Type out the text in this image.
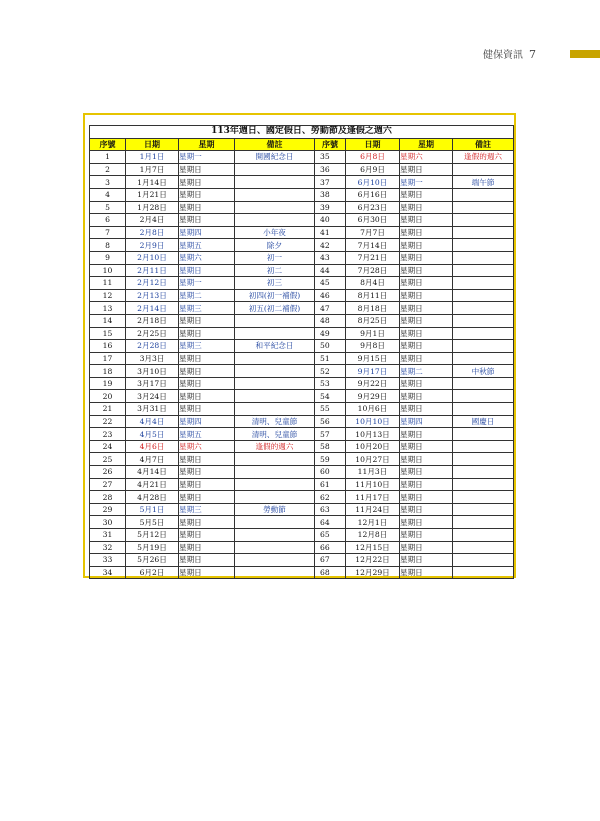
健保資訊 7
113年週日、國定假日、勞動節及逢假之週六							
序號	日期	星期	備註	序號	日期	星期	備註
1	1月1日	星期一	開國紀念日	35	6月8日	星期六	逢假的週六
2	1月7日	星期日		36	6月9日	星期日	
3	1月14日	星期日		37	6月10日	星期一	端午節
4	1月21日	星期日		38	6月16日	星期日	
5	1月28日	星期日		39	6月23日	星期日	
6	2月4日	星期日		40	6月30日	星期日	
7	2月8日	星期四	小年夜	41	7月7日	星期日	
8	2月9日	星期五	除夕	42	7月14日	星期日	
9	2月10日	星期六	初一	43	7月21日	星期日	
10	2月11日	星期日	初二	44	7月28日	星期日	
11	2月12日	星期一	初三	45	8月4日	星期日	
12	2月13日	星期二	初四(初一補假)	46	8月11日	星期日	
13	2月14日	星期三	初五(初二補假)	47	8月18日	星期日	
14	2月18日	星期日		48	8月25日	星期日	
15	2月25日	星期日		49	9月1日	星期日	
16	2月28日	星期三	和平紀念日	50	9月8日	星期日	
17	3月3日	星期日		51	9月15日	星期日	
18	3月10日	星期日		52	9月17日	星期二	中秋節
19	3月17日	星期日		53	9月22日	星期日	
20	3月24日	星期日		54	9月29日	星期日	
21	3月31日	星期日		55	10月6日	星期日	
22	4月4日	星期四	清明、兒童節	56	10月10日	星期四	國慶日
23	4月5日	星期五	清明、兒童節	57	10月13日	星期日	
24	4月6日	星期六	逢假的週六	58	10月20日	星期日	
25	4月7日	星期日		59	10月27日	星期日	
26	4月14日	星期日		60	11月3日	星期日	
27	4月21日	星期日		61	11月10日	星期日	
28	4月28日	星期日		62	11月17日	星期日	
29	5月1日	星期三	勞動節	63	11月24日	星期日	
30	5月5日	星期日		64	12月1日	星期日	
31	5月12日	星期日		65	12月8日	星期日	
32	5月19日	星期日		66	12月15日	星期日	
33	5月26日	星期日		67	12月22日	星期日	
34	6月2日	星期日		68	12月29日	星期日	
